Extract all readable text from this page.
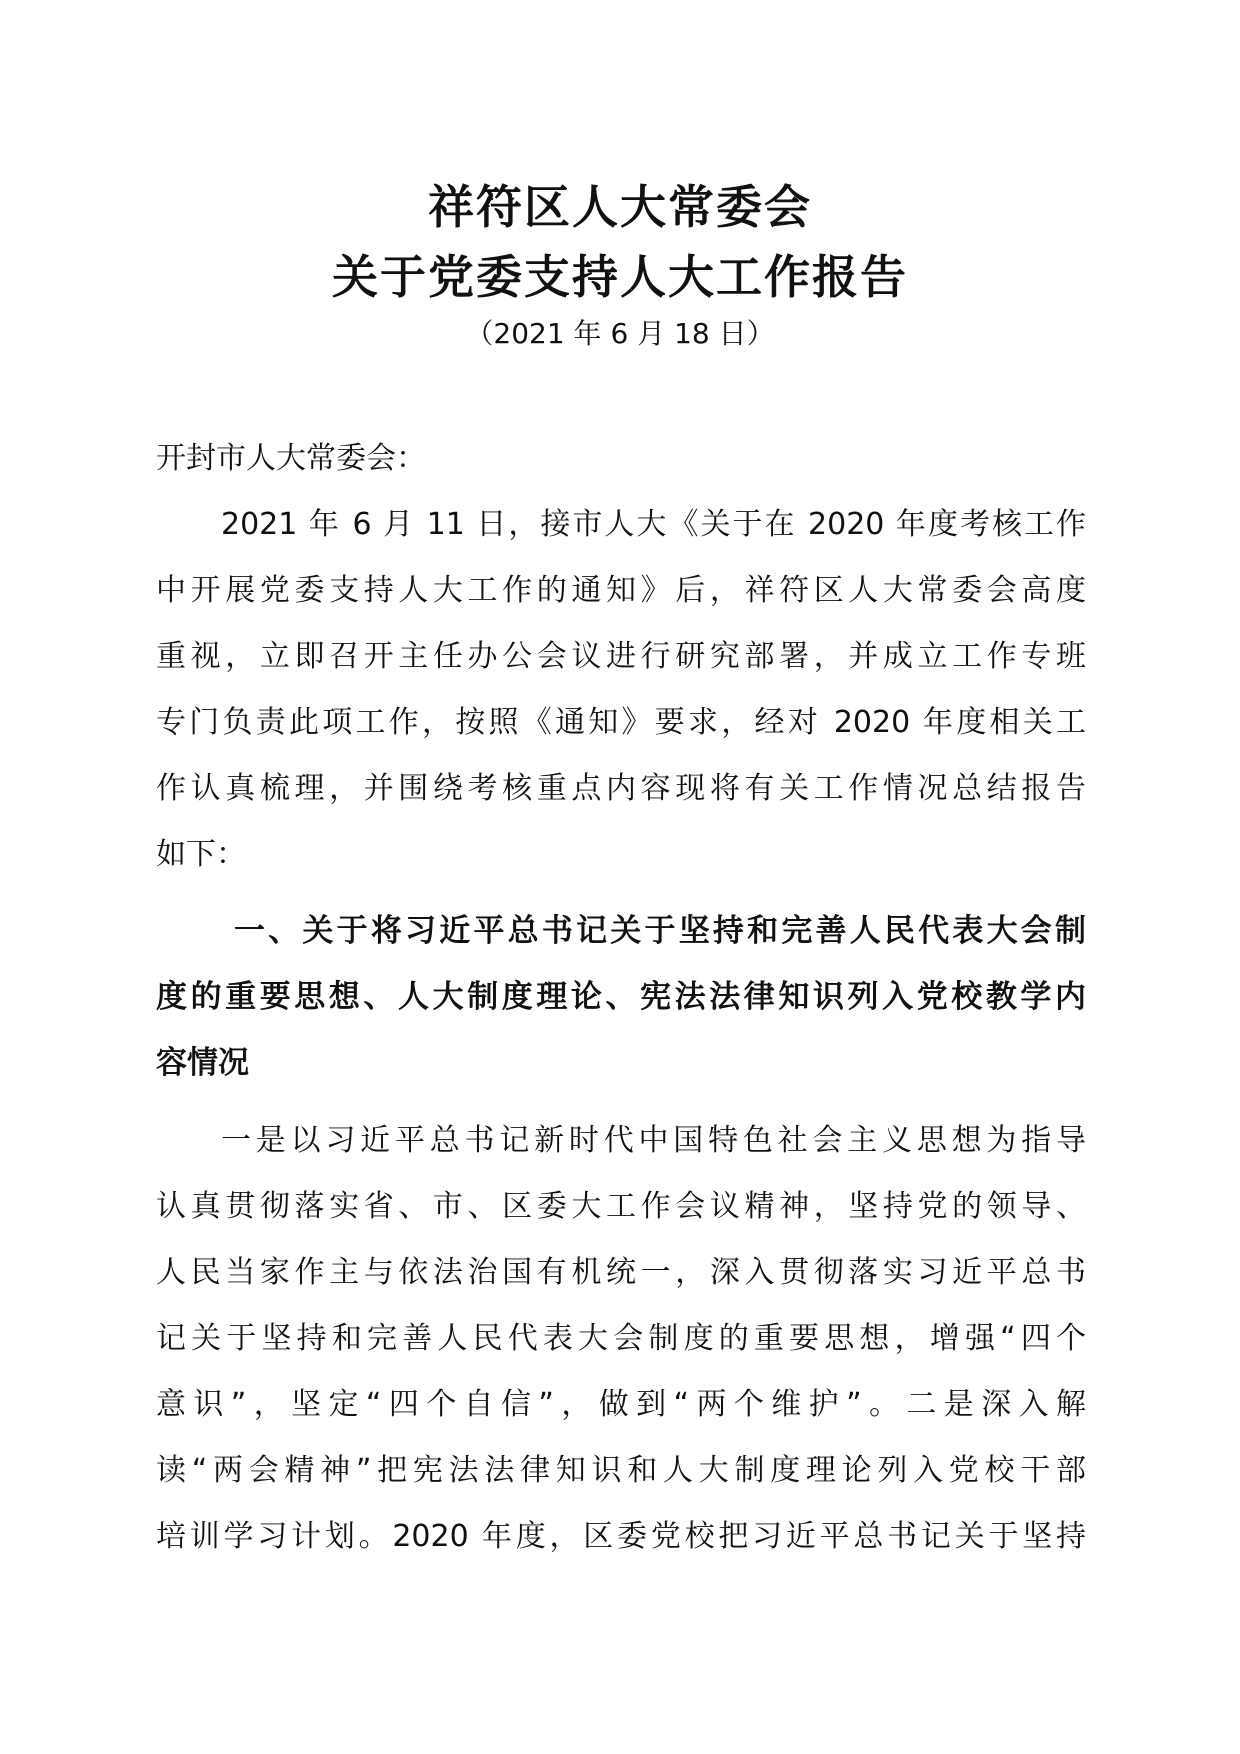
祥符区人大常委会
关于党委支持人大工作报告
（2021 年 6 月 18 日）
开封市人大常委会：
2021 年 6 月 11 日，接市人大《关于在 2020 年度考核工作
中开展党委支持人大工作的通知》后，祥符区人大常委会高度
重视，立即召开主任办公会议进行研究部署，并成立工作专班
专门负责此项工作，按照《通知》要求，经对 2020 年度相关工
作认真梳理，并围绕考核重点内容现将有关工作情况总结报告
如下：
一、关于将习近平总书记关于坚持和完善人民代表大会制
度的重要思想、人大制度理论、宪法法律知识列入党校教学内
容情况
一是以习近平总书记新时代中国特色社会主义思想为指导
认真贯彻落实省、市、区委大工作会议精神，坚持党的领导、
人民当家作主与依法治国有机统一，深入贯彻落实习近平总书
记关于坚持和完善人民代表大会制度的重要思想，增强“四个
意识”，坚定“四个自信”，做到“两个维护”。二是深入解
读“两会精神”把宪法法律知识和人大制度理论列入党校干部
培训学习计划。2020 年度，区委党校把习近平总书记关于坚持
